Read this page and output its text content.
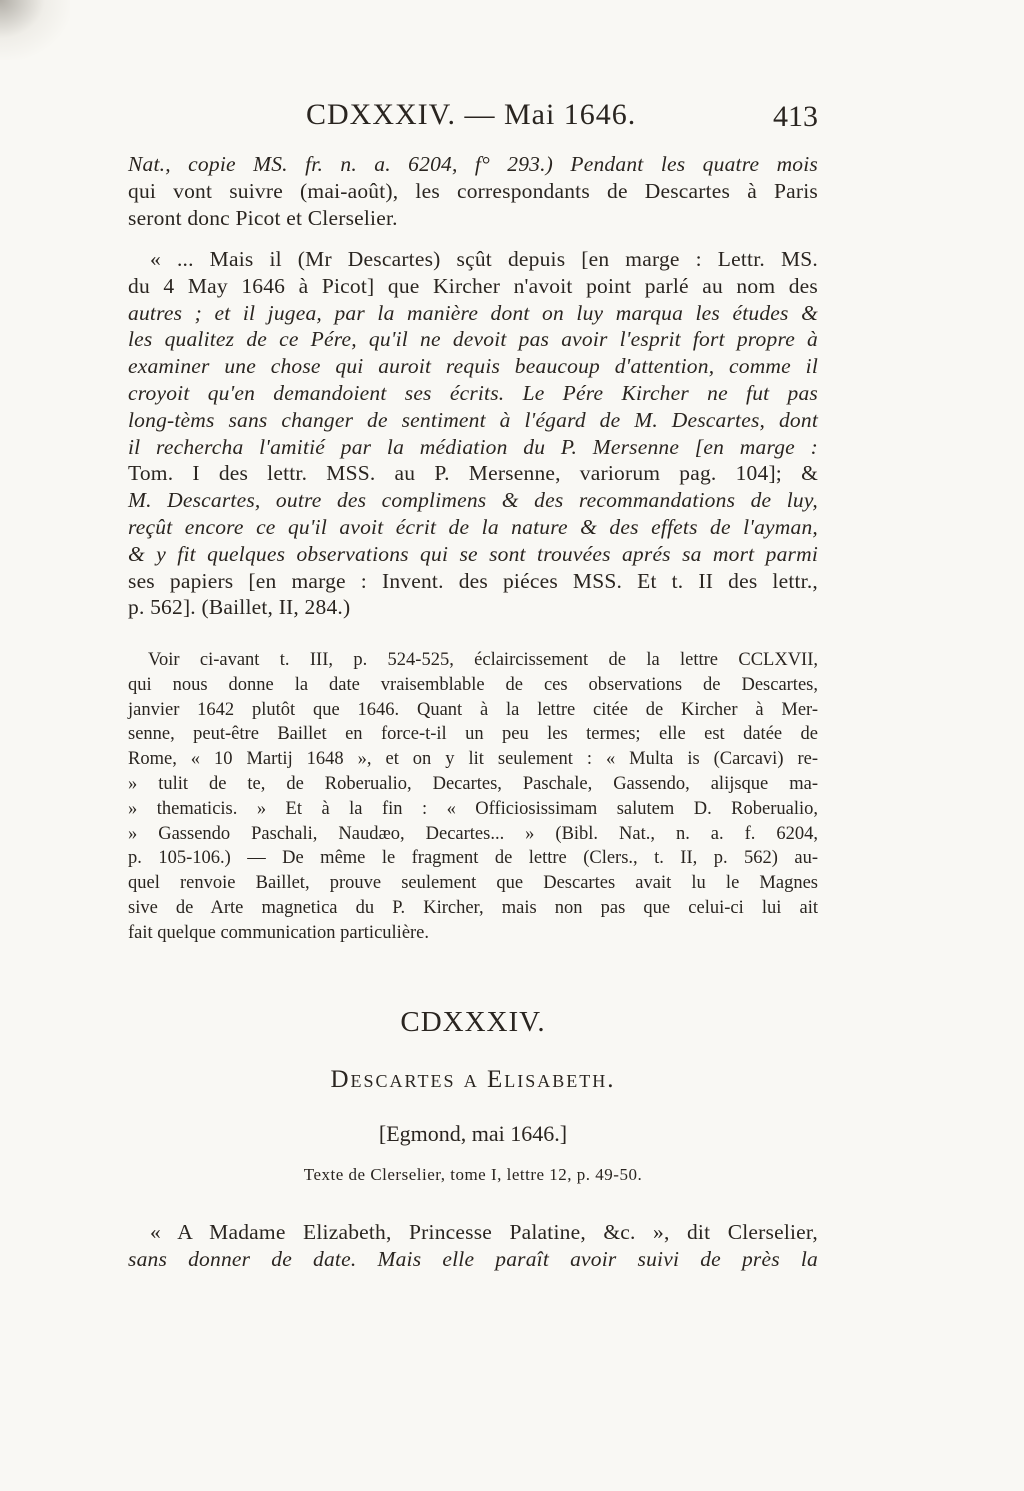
CDXXXIV. — Mai 1646.	413
Nat., copie MS. fr. n. a. 6204, f° 293.) Pendant les quatre mois
qui vont suivre (mai-août), les correspondants de Descartes à Paris
seront donc Picot et Clerselier.
« ... Mais il (Mr Descartes) sçût depuis [en marge : Lettr. MS.
du 4 May 1646 à Picot] que Kircher n'avoit point parlé au nom des
autres ; et il jugea, par la manière dont on luy marqua les études &
les qualitez de ce Pére, qu'il ne devoit pas avoir l'esprit fort propre à
examiner une chose qui auroit requis beaucoup d'attention, comme il
croyoit qu'en demandoient ses écrits. Le Pére Kircher ne fut pas
long-tèms sans changer de sentiment à l'égard de M. Descartes, dont
il rechercha l'amitié par la médiation du P. Mersenne [en marge :
Tom. I des lettr. MSS. au P. Mersenne, variorum pag. 104]; &
M. Descartes, outre des complimens & des recommandations de luy,
reçût encore ce qu'il avoit écrit de la nature & des effets de l'ayman,
& y fit quelques observations qui se sont trouvées aprés sa mort parmi
ses papiers [en marge : Invent. des piéces MSS. Et t. II des lettr.,
p. 562]. (Baillet, II, 284.)
Voir ci-avant t. III, p. 524-525, éclaircissement de la lettre CCLXVII,
qui nous donne la date vraisemblable de ces observations de Descartes,
janvier 1642 plutôt que 1646. Quant à la lettre citée de Kircher à Mer-
senne, peut-être Baillet en force-t-il un peu les termes; elle est datée de
Rome, « 10 Martij 1648 », et on y lit seulement : « Multa is (Carcavi) re-
» tulit de te, de Roberualio, Decartes, Paschale, Gassendo, alijsque ma-
» thematicis. » Et à la fin : « Officiosissimam salutem D. Roberualio,
» Gassendo Paschali, Naudæo, Decartes... » (Bibl. Nat., n. a. f. 6204,
p. 105-106.) — De même le fragment de lettre (Clers., t. II, p. 562) au-
quel renvoie Baillet, prouve seulement que Descartes avait lu le Magnes
sive de Arte magnetica du P. Kircher, mais non pas que celui-ci lui ait
fait quelque communication particulière.
CDXXXIV.
Descartes a Elisabeth.
[Egmond, mai 1646.]
Texte de Clerselier, tome I, lettre 12, p. 49-50.
« A Madame Elizabeth, Princesse Palatine, &c. », dit Clerselier,
sans donner de date. Mais elle paraît avoir suivi de près la
